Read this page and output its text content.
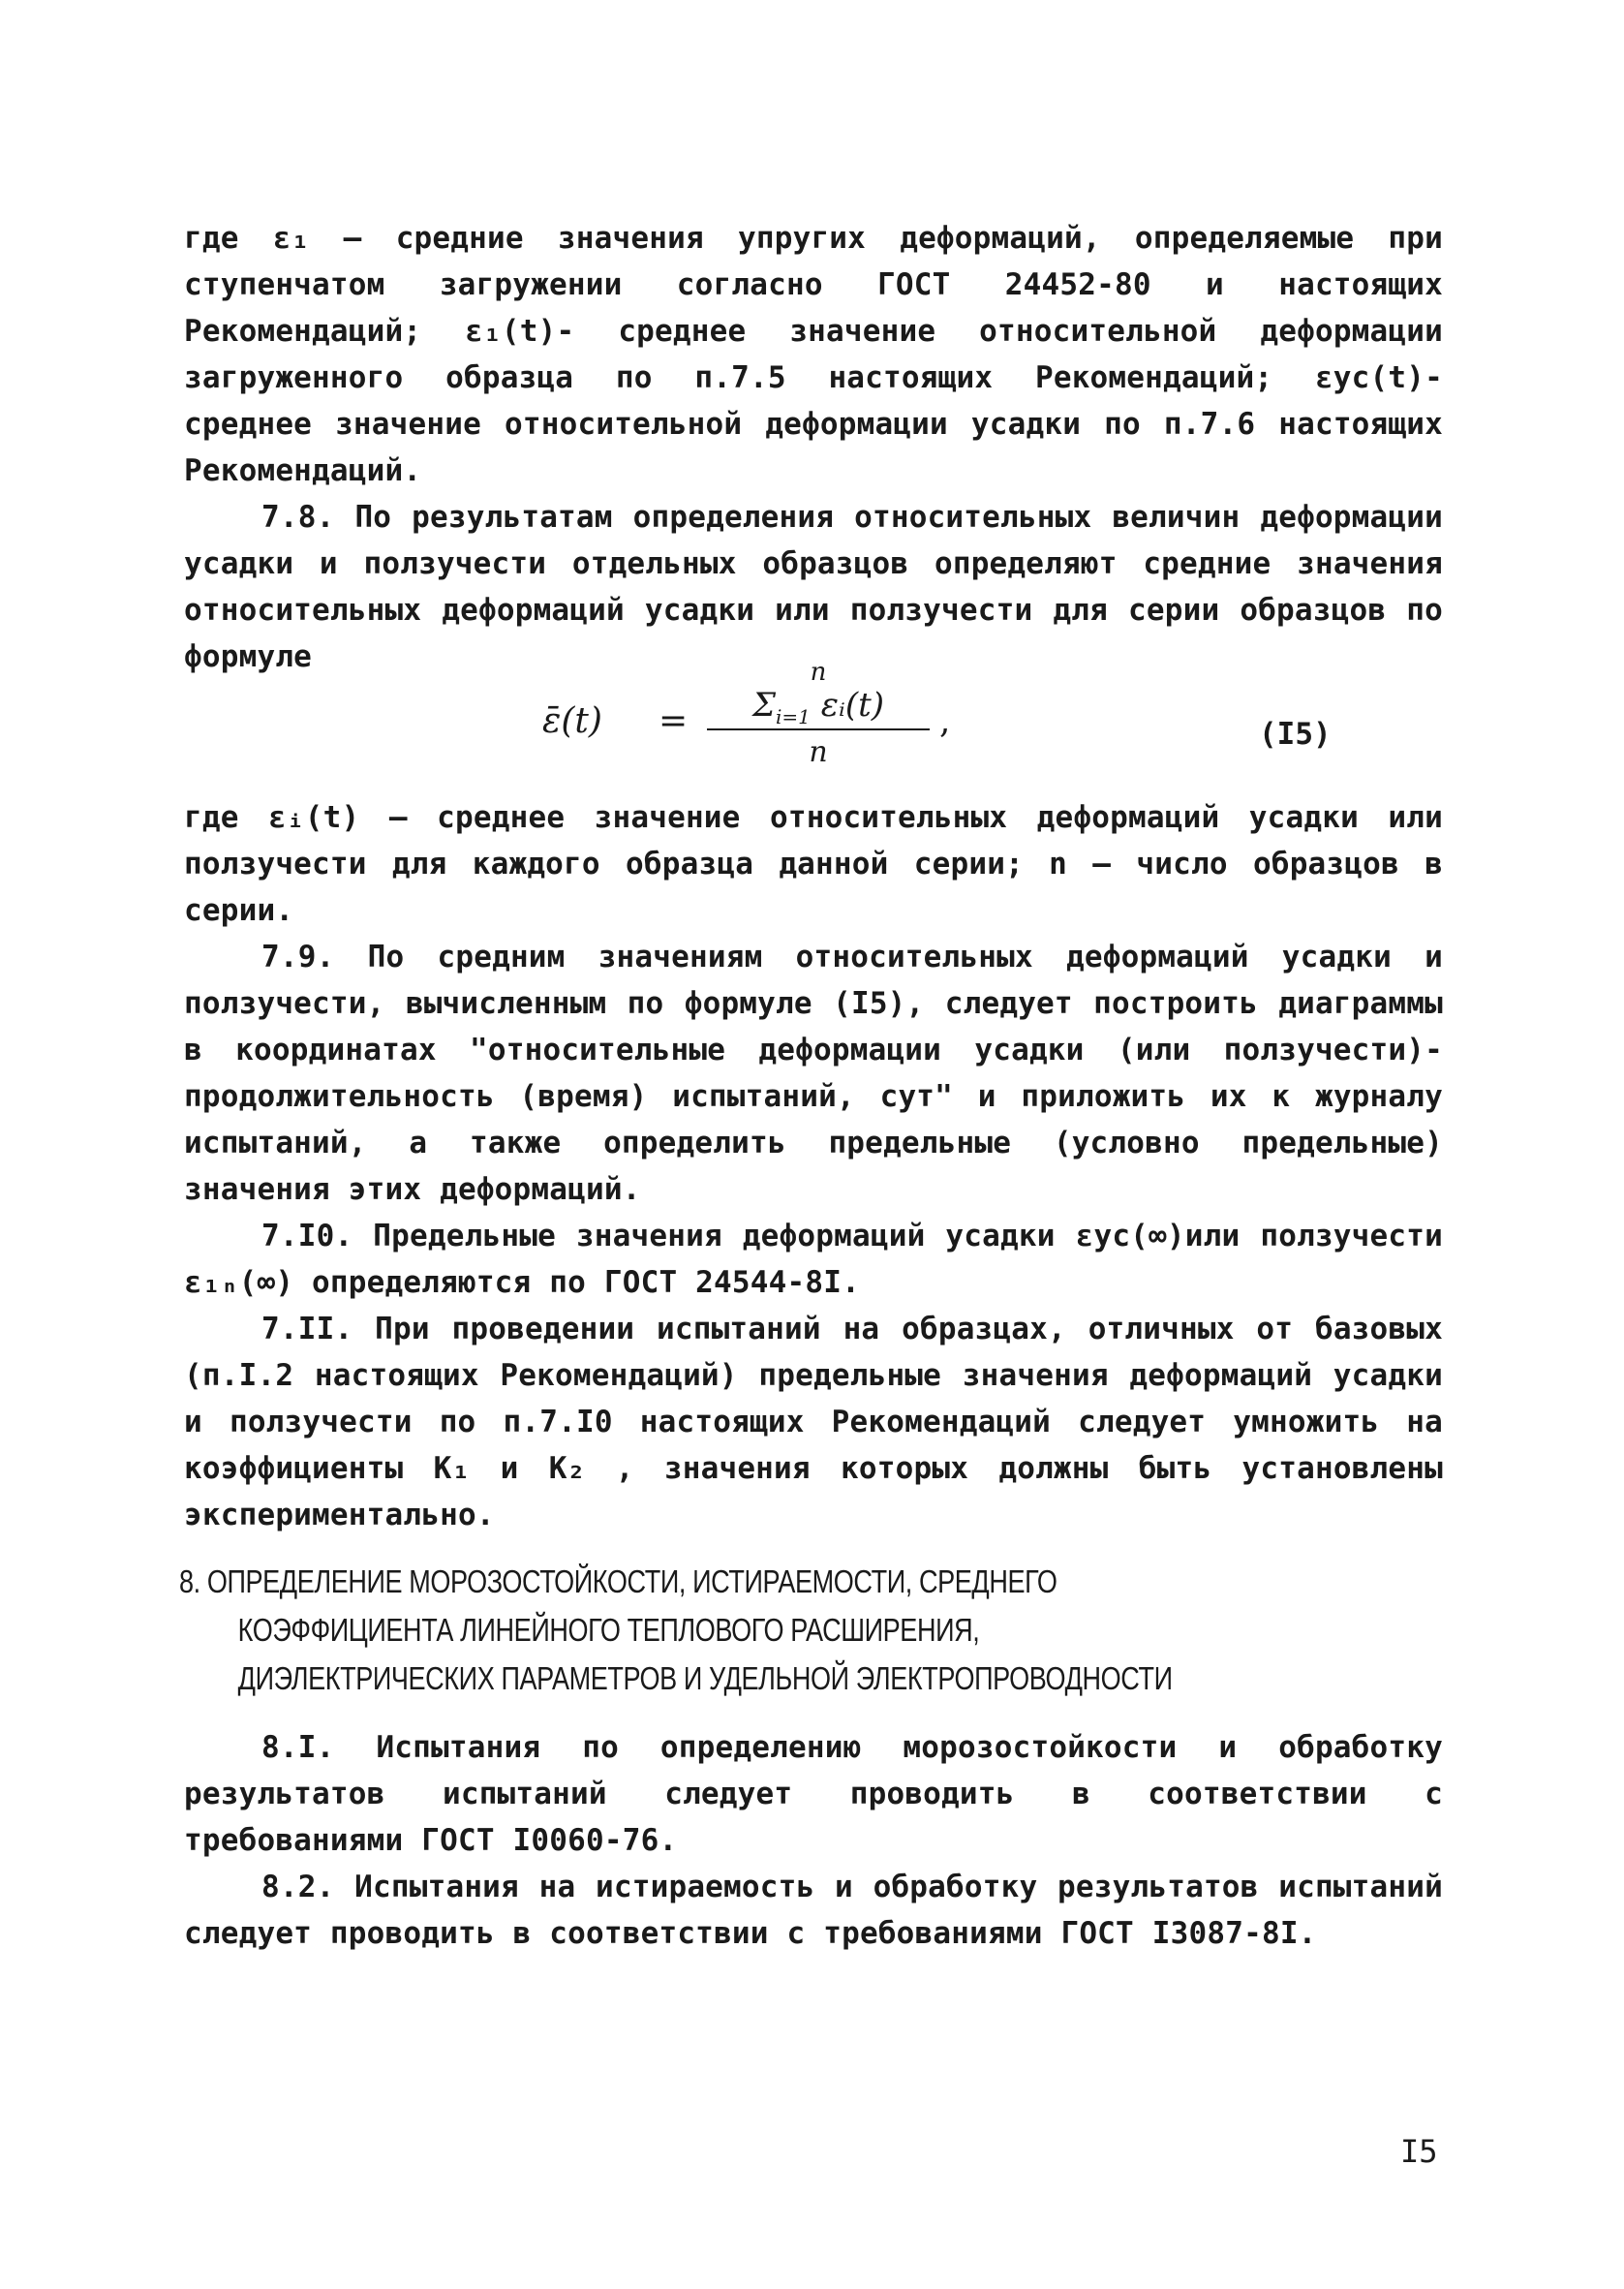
где ε₁ – средние значения упругих деформаций, определяемые при ступенчатом загружении согласно ГОСТ 24452-80 и настоящих Рекомендаций; ε₁(t)- среднее значение относительной деформации загруженного образца по п.7.5 настоящих Рекомендаций; εус(t)- среднее значение относительной деформации усадки по п.7.6 настоящих Рекомендаций.

7.8. По результатам определения относительных величин деформации усадки и ползучести отдельных образцов определяют средние значения относительных деформаций усадки или ползучести для серии образцов по формуле

ε̄(t) =
n
$\Sigma_{i=1}$ εᵢ(t)
n
,	(I5)

где εᵢ(t) – среднее значение относительных деформаций усадки или ползучести для каждого образца данной серии; n – число образцов в серии.

7.9. По средним значениям относительных деформаций усадки и ползучести, вычисленным по формуле (I5), следует построить диаграммы в координатах "относительные деформации усадки (или ползучести)- продолжительность (время) испытаний, сут" и приложить их к журналу испытаний, а также определить предельные (условно предельные) значения этих деформаций.

7.I0. Предельные значения деформаций усадки εус(∞)или ползучести ε₁ₙ(∞) определяются по ГОСТ 24544-8I.

7.II. При проведении испытаний на образцах, отличных от базовых (п.I.2 настоящих Рекомендаций) предельные значения деформаций усадки и ползучести по п.7.I0 настоящих Рекомендаций следует умножить на коэффициенты K₁ и K₂ , значения которых должны быть установлены экспериментально.

8. ОПРЕДЕЛЕНИЕ МОРОЗОСТОЙКОСТИ, ИСТИРАЕМОСТИ, СРЕДНЕГО
КОЭФФИЦИЕНТА ЛИНЕЙНОГО ТЕПЛОВОГО РАСШИРЕНИЯ,
ДИЭЛЕКТРИЧЕСКИХ ПАРАМЕТРОВ И УДЕЛЬНОЙ ЭЛЕКТРОПРОВОДНОСТИ

8.I. Испытания по определению морозостойкости и обработку результатов испытаний следует проводить в соответствии с требованиями ГОСТ I0060-76.

8.2. Испытания на истираемость и обработку результатов испытаний следует проводить в соответствии с требованиями ГОСТ I3087-8I.

I5
